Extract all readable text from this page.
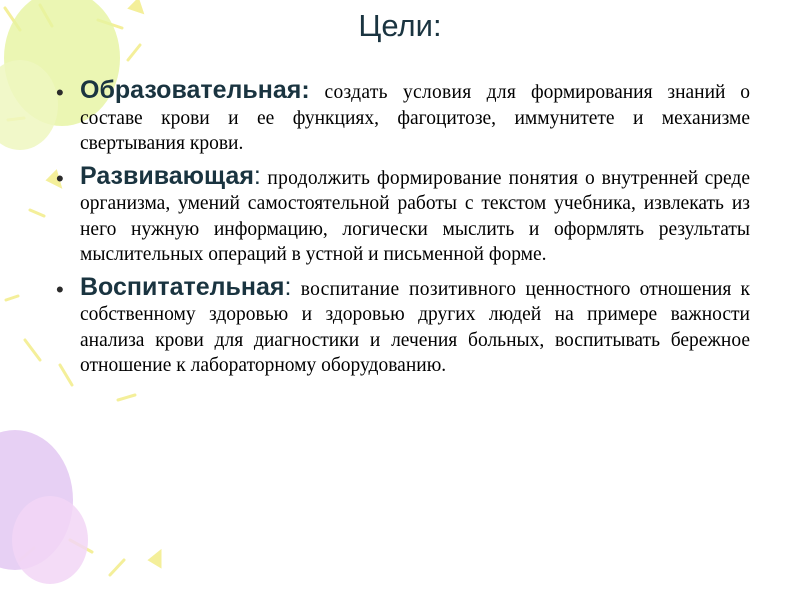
Цели:
• Образовательная: создать условия для формирования знаний о составе крови и ее функциях, фагоцитозе, иммунитете и механизме свертывания крови.
• Развивающая: продолжить формирование понятия о внутренней среде организма, умений самостоятельной работы с текстом учебника, извлекать из него нужную информацию, логически мыслить и оформлять результаты мыслительных операций в устной и письменной форме.
• Воспитательная: воспитание позитивного ценностного отношения к собственному здоровью и здоровью других людей на примере важности анализа крови для диагностики и лечения больных, воспитывать бережное отношение к лабораторному оборудованию.
